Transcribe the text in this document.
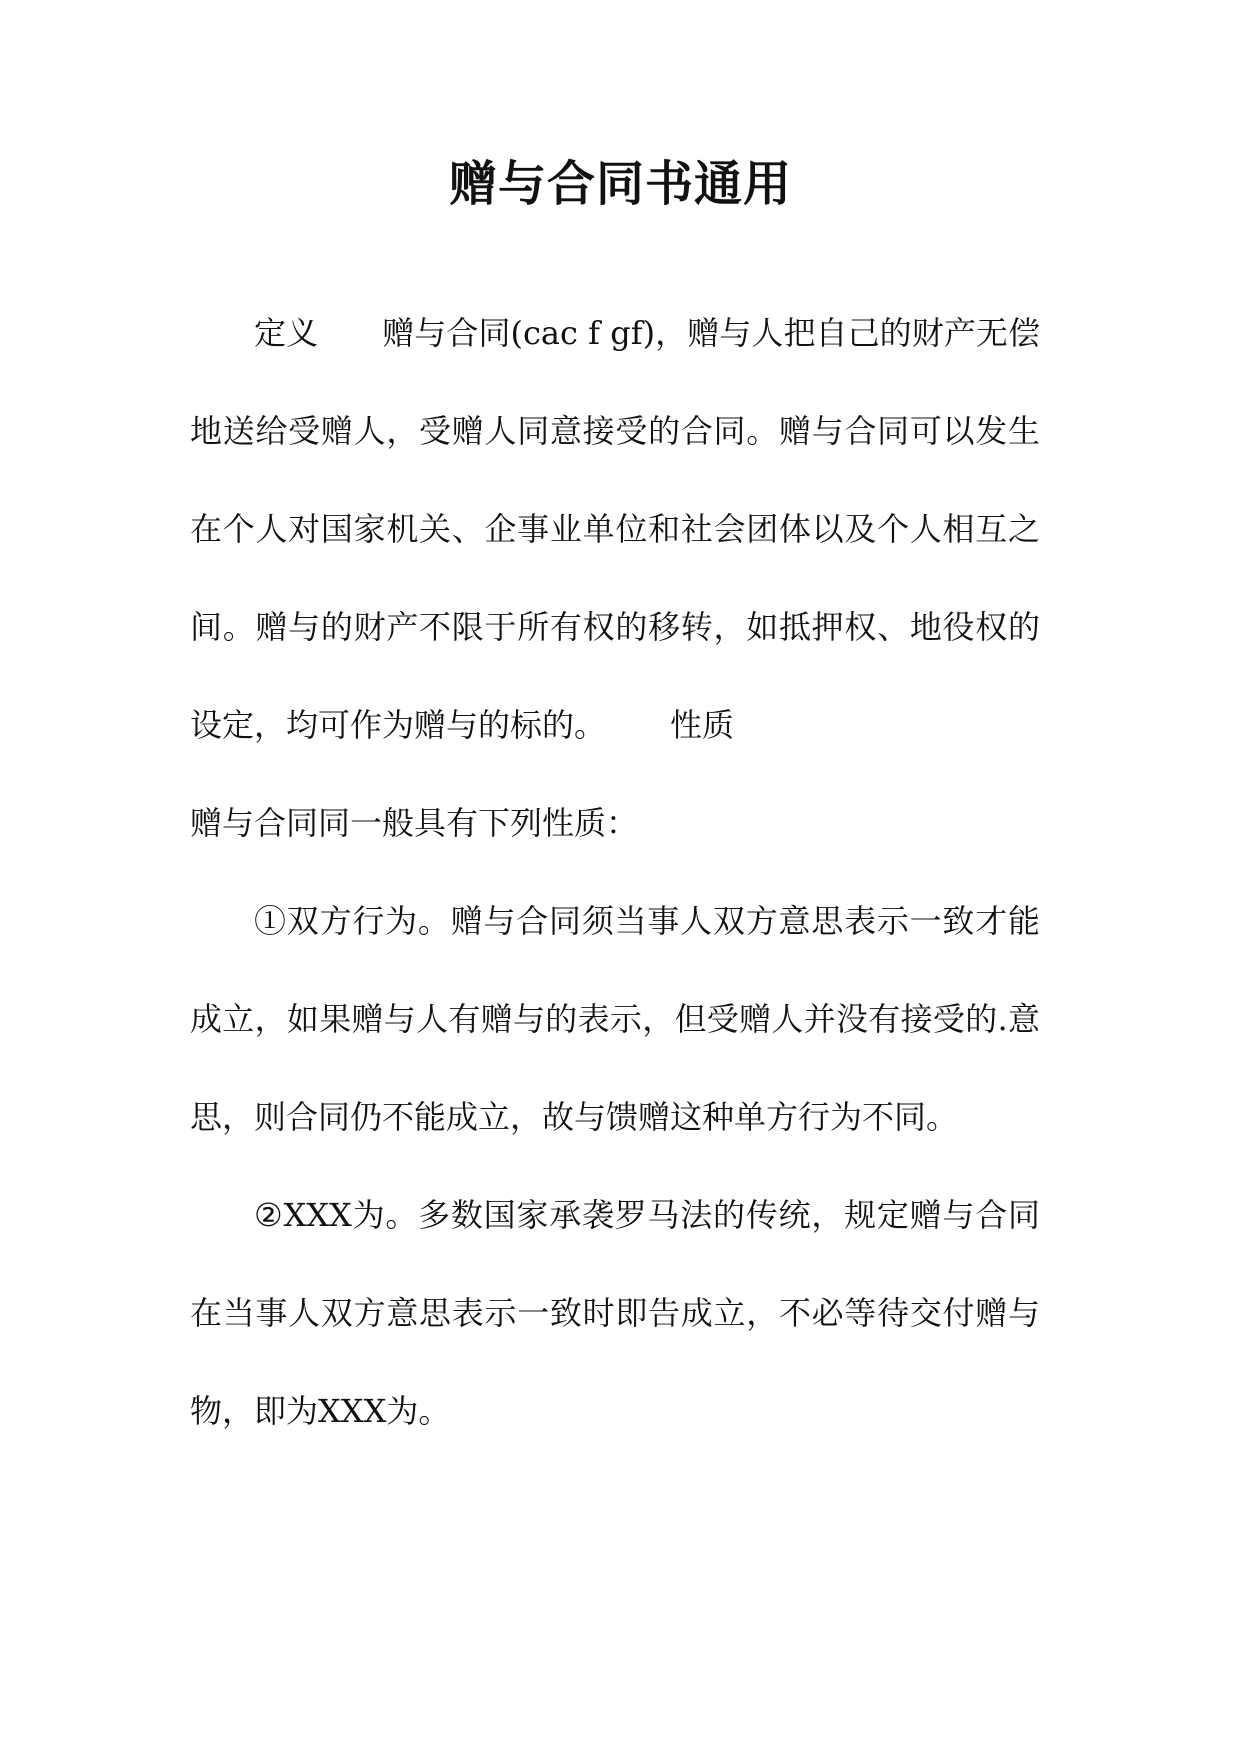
赠与合同书通用

定义 赠与合同(cac f gf)，赠与人把自己的财产无偿地送给受赠人，受赠人同意接受的合同。赠与合同可以发生在个人对国家机关、企事业单位和社会团体以及个人相互之间。赠与的财产不限于所有权的移转，如抵押权、地役权的设定，均可作为赠与的标的。 性质

赠与合同同一般具有下列性质：

①双方行为。赠与合同须当事人双方意思表示一致才能成立，如果赠与人有赠与的表示，但受赠人并没有接受的.意思，则合同仍不能成立，故与馈赠这种单方行为不同。

②XXX为。多数国家承袭罗马法的传统，规定赠与合同在当事人双方意思表示一致时即告成立，不必等待交付赠与物，即为XXX为。
